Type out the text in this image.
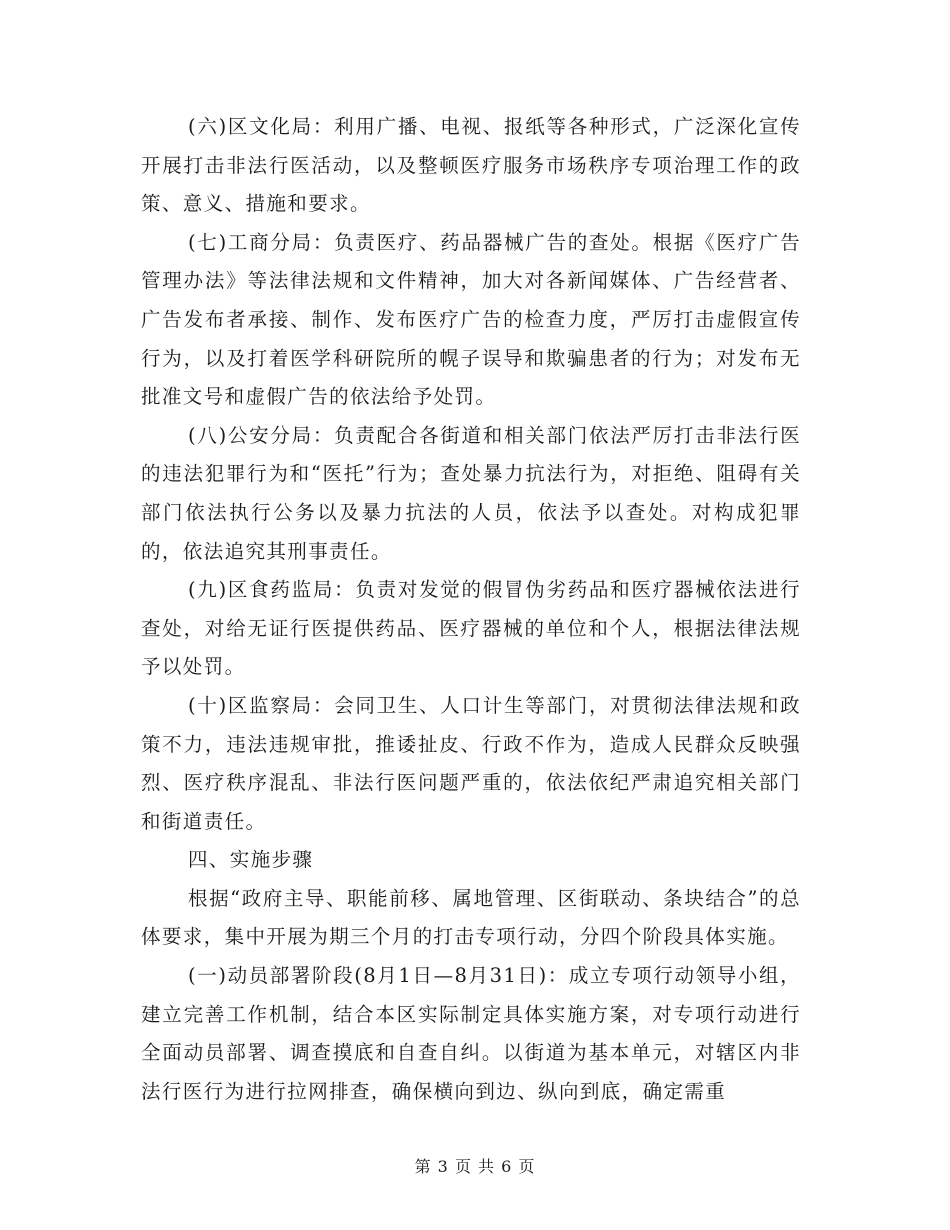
(六)区文化局：利用广播、电视、报纸等各种形式，广泛深化宣传开展打击非法行医活动，以及整顿医疗服务市场秩序专项治理工作的政策、意义、措施和要求。

(七)工商分局：负责医疗、药品器械广告的查处。根据《医疗广告管理办法》等法律法规和文件精神，加大对各新闻媒体、广告经营者、广告发布者承接、制作、发布医疗广告的检查力度，严厉打击虚假宣传行为，以及打着医学科研院所的幌子误导和欺骗患者的行为；对发布无批准文号和虚假广告的依法给予处罚。

(八)公安分局：负责配合各街道和相关部门依法严厉打击非法行医的违法犯罪行为和“医托”行为；查处暴力抗法行为，对拒绝、阻碍有关部门依法执行公务以及暴力抗法的人员，依法予以查处。对构成犯罪的，依法追究其刑事责任。

(九)区食药监局：负责对发觉的假冒伪劣药品和医疗器械依法进行查处，对给无证行医提供药品、医疗器械的单位和个人，根据法律法规予以处罚。

(十)区监察局：会同卫生、人口计生等部门，对贯彻法律法规和政策不力，违法违规审批，推诿扯皮、行政不作为，造成人民群众反映强烈、医疗秩序混乱、非法行医问题严重的，依法依纪严肃追究相关部门和街道责任。

四、实施步骤

根据“政府主导、职能前移、属地管理、区街联动、条块结合”的总体要求，集中开展为期三个月的打击专项行动，分四个阶段具体实施。

(一)动员部署阶段(8月1日—8月31日)：成立专项行动领导小组，建立完善工作机制，结合本区实际制定具体实施方案，对专项行动进行全面动员部署、调查摸底和自查自纠。以街道为基本单元，对辖区内非法行医行为进行拉网排查，确保横向到边、纵向到底，确定需重

第 3 页 共 6 页
